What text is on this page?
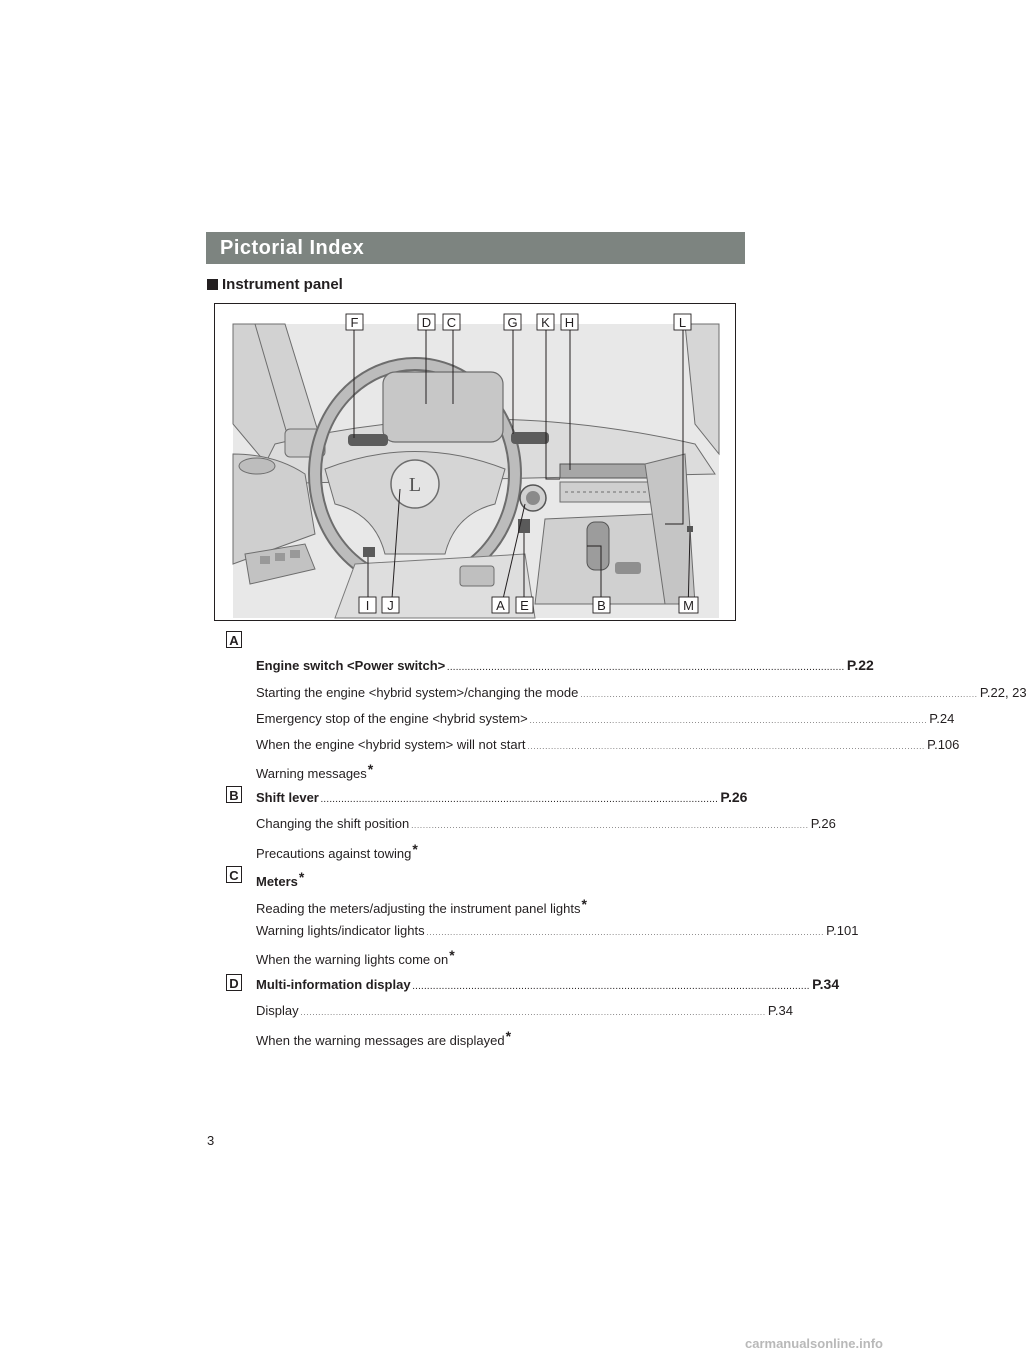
Pictorial Index
Instrument panel
L
F	D C	G K H	L
I J	A E	B	M
A
Engine switch <Power switch> ....................................................................................................................................... P.22
Starting the engine <hybrid system>/changing the mode ....................................................................................................................................... P.22, 23
Emergency stop of the engine <hybrid system> ....................................................................................................................................... P.24
When the engine <hybrid system> will not start ....................................................................................................................................... P.106
Warning messages*
B Shift lever ....................................................................................................................................... P.26
Changing the shift position ....................................................................................................................................... P.26
Precautions against towing*
C Meters*
Reading the meters/adjusting the instrument panel lights*
Warning lights/indicator lights ....................................................................................................................................... P.101
When the warning lights come on*
D Multi-information display ....................................................................................................................................... P.34
Display .............................................................................................................................................................. P.34
When the warning messages are displayed*
3
carmanualsonline.info
